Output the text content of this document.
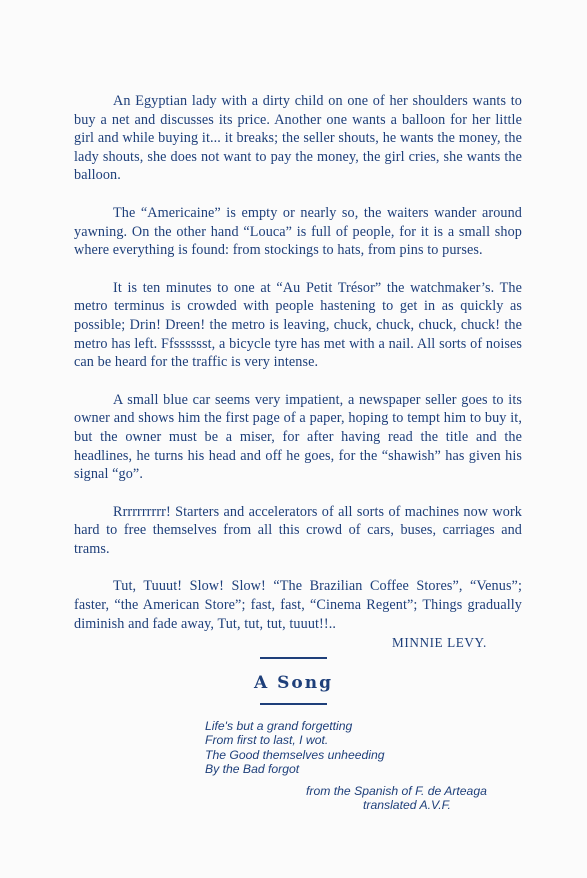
An Egyptian lady with a dirty child on one of her shoulders wants to buy a net and discusses its price. Another one wants a balloon for her little girl and while buying it... it breaks; the seller shouts, he wants the money, the lady shouts, she does not want to pay the money, the girl cries, she wants the balloon.

The “Americaine” is empty or nearly so, the waiters wander around yawning. On the other hand “Louca” is full of people, for it is a small shop where everything is found: from stockings to hats, from pins to purses.

It is ten minutes to one at “Au Petit Trésor” the watchmaker’s. The metro terminus is crowded with people hastening to get in as quickly as possible; Drin! Dreen! the metro is leaving, chuck, chuck, chuck, chuck! the metro has left. Ffsssssst, a bicycle tyre has met with a nail. All sorts of noises can be heard for the traffic is very intense.

A small blue car seems very impatient, a newspaper seller goes to its owner and shows him the first page of a paper, hoping to tempt him to buy it, but the owner must be a miser, for after having read the title and the headlines, he turns his head and off he goes, for the “shawish” has given his signal “go”.

Rrrrrrrrrr! Starters and accelerators of all sorts of machines now work hard to free themselves from all this crowd of cars, buses, carriages and trams.

Tut, Tuuut! Slow! Slow! “The Brazilian Coffee Stores”, “Venus”; faster, “the American Store”; fast, fast, “Cinema Regent”; Things gradually diminish and fade away, Tut, tut, tut, tuuut!!..

MINNIE LEVY.
A Song
Life's but a grand forgetting
From first to last, I wot.
The Good themselves unheeding
By the Bad forgot
from the Spanish of F. de Arteaga
translated A.V.F.
